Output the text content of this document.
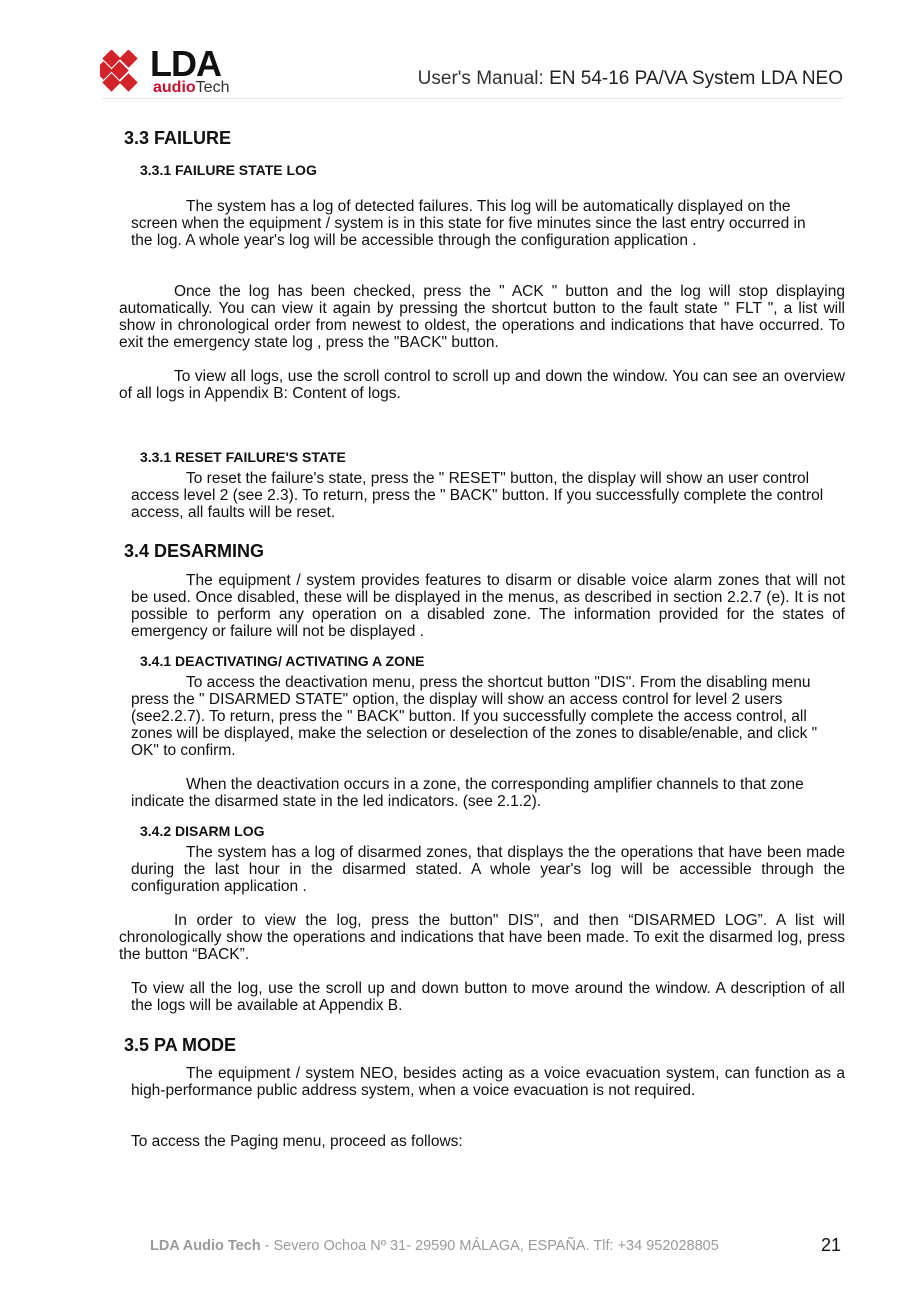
LDA
audioTech	User's Manual: EN 54-16 PA/VA System LDA NEO
3.3 FAILURE
3.3.1 FAILURE STATE LOG
The system has a log of detected failures. This log will be automatically displayed on the screen when the equipment / system is in this state for five minutes since the last entry occurred in the log. A whole year's log will be accessible through the configuration application .
Once the log has been checked, press the " ACK " button and the log will stop displaying automatically. You can view it again by pressing the shortcut button to the fault state " FLT ", a list will show in chronological order from newest to oldest, the operations and indications that have occurred. To exit the emergency state log , press the "BACK" button.
To view all logs, use the scroll control to scroll up and down the window. You can see an overview of all logs in Appendix B: Content of logs.
3.3.1 RESET FAILURE'S STATE
To reset the failure's state, press the " RESET" button, the display will show an user control access level 2 (see 2.3). To return, press the " BACK" button. If you successfully complete the control access, all faults will be reset.
3.4 DESARMING
The equipment / system provides features to disarm or disable voice alarm zones that will not be used. Once disabled, these will be displayed in the menus, as described in section 2.2.7 (e). It is not possible to perform any operation on a disabled zone. The information provided for the states of emergency or failure will not be displayed .
3.4.1 DEACTIVATING/ ACTIVATING A ZONE
To access the deactivation menu, press the shortcut button "DIS". From the disabling menu press the " DISARMED STATE" option, the display will show an access control for level 2 users (see2.2.7). To return, press the " BACK" button. If you successfully complete the access control, all zones will be displayed, make the selection or deselection of the zones to disable/enable, and click " OK" to confirm.
When the deactivation occurs in a zone, the corresponding amplifier channels to that zone indicate the disarmed state in the led indicators. (see 2.1.2).
3.4.2 DISARM LOG
The system has a log of disarmed zones, that displays the the operations that have been made during the last hour in the disarmed stated. A whole year's log will be accessible through the configuration application .
In order to view the log, press the button" DIS", and then “DISARMED LOG”. A list will chronologically show the operations and indications that have been made. To exit the disarmed log, press the button “BACK”.
To view all the log, use the scroll up and down button to move around the window. A description of all the logs will be available at Appendix B.
3.5 PA MODE
The equipment / system NEO, besides acting as a voice evacuation system, can function as a high-performance public address system, when a voice evacuation is not required.
To access the Paging menu, proceed as follows:
LDA Audio Tech - Severo Ochoa Nº 31- 29590 MÁLAGA, ESPAÑA. Tlf: +34 952028805	21
